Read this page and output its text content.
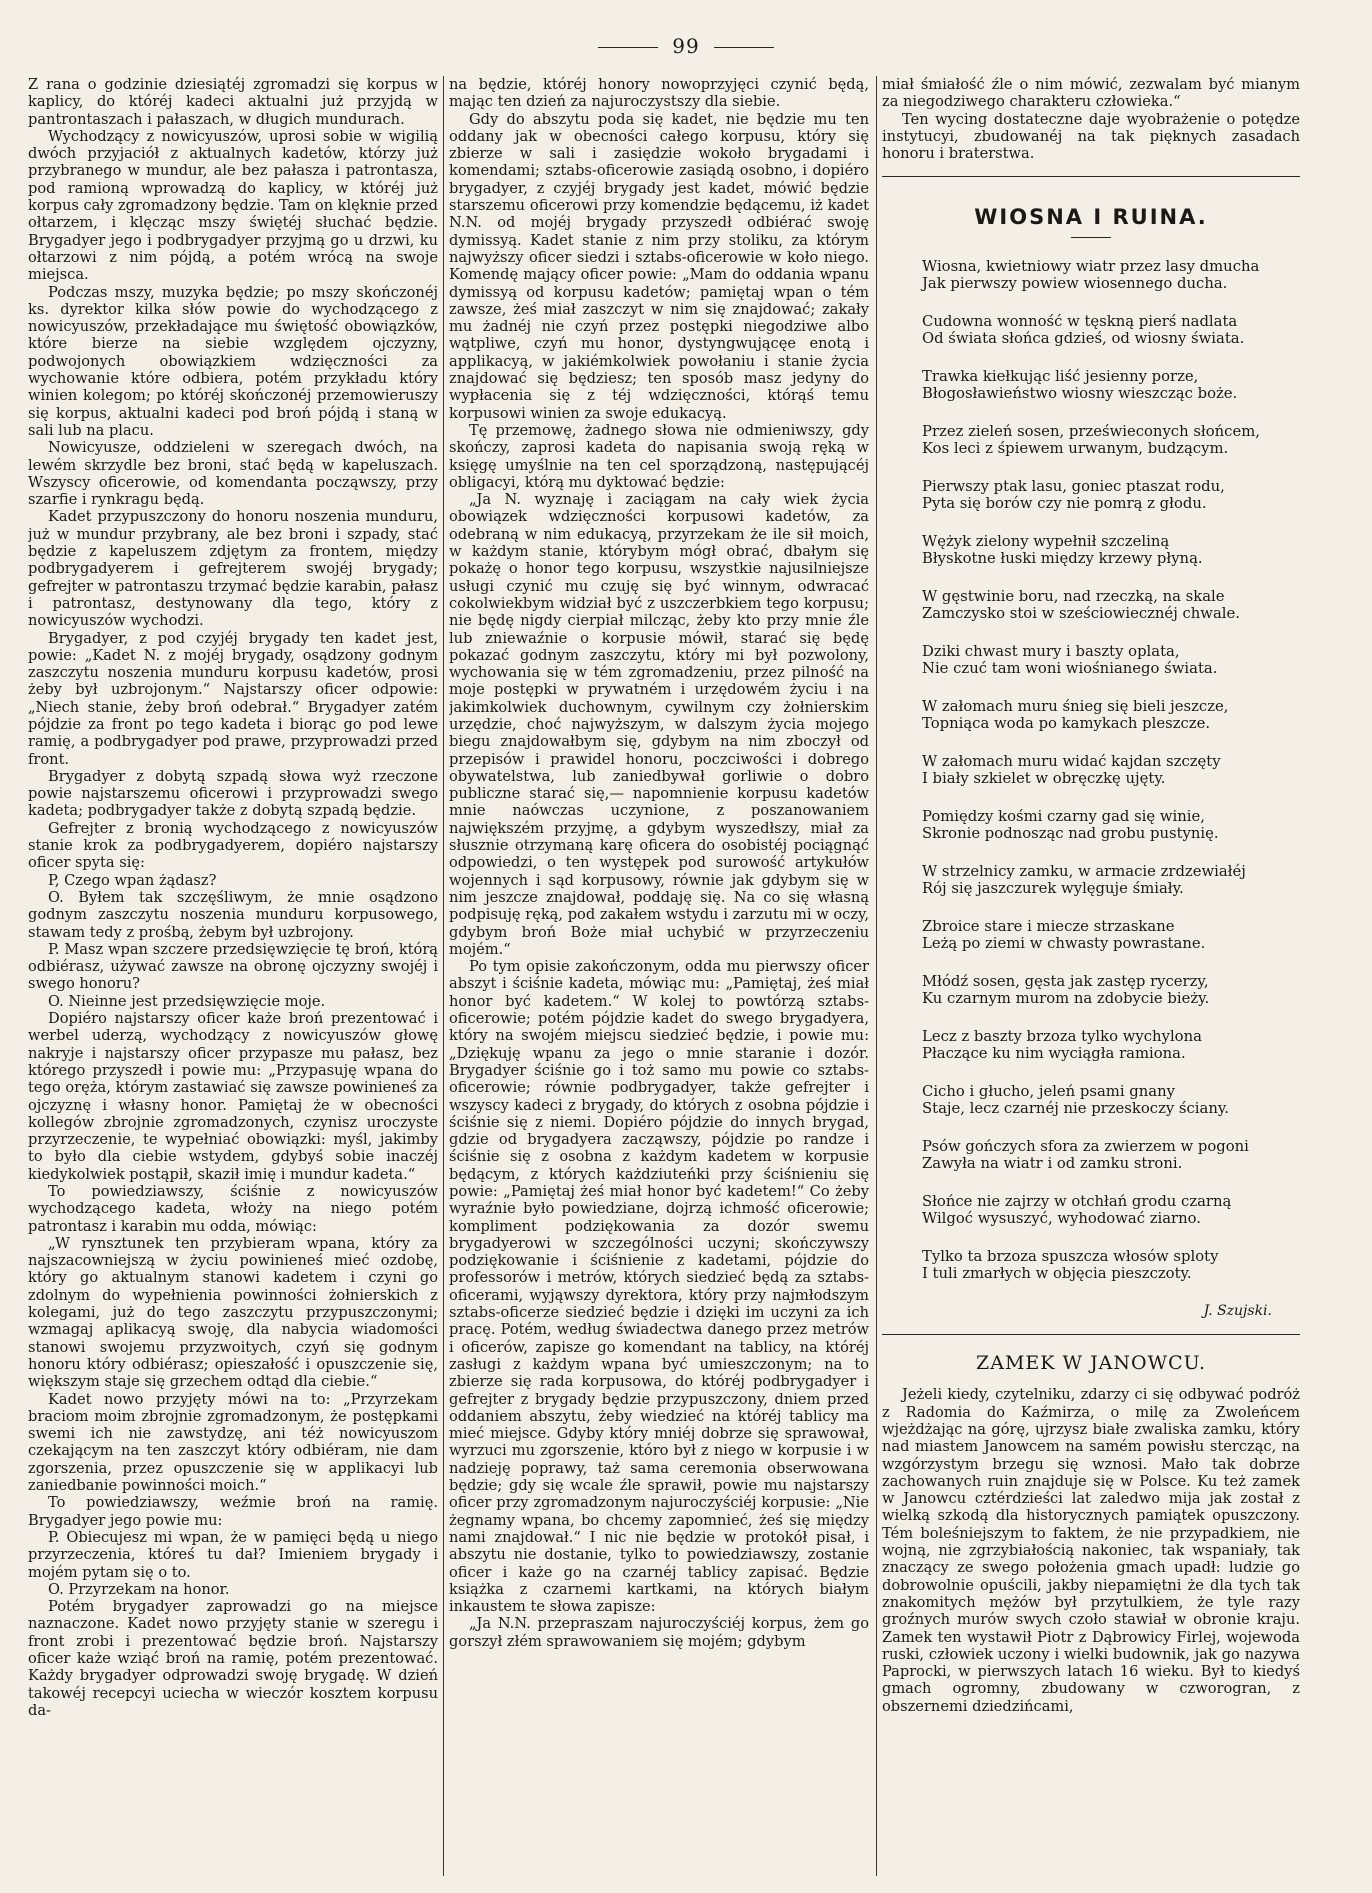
99

Z rana o godzinie dziesiątéj zgromadzi się korpus w kaplicy, do któréj kadeci aktualni już przyjdą w pantrontaszach i pałaszach, w długich mundurach.

Wychodzący z nowicyuszów, uprosi sobie w wigilią dwóch przyjaciół z aktualnych kadetów, którzy już przybranego w mundur, ale bez pałasza i patrontasza, pod ramioną wprowadzą do kaplicy, w któréj już korpus cały zgromadzony będzie. Tam on klęknie przed ołtarzem, i klęcząc mszy świętéj słuchać będzie. Brygadyer jego i podbrygadyer przyjmą go u drzwi, ku ołtarzowi z nim pójdą, a potém wrócą na swoje miejsca.

Podczas mszy, muzyka będzie; po mszy skończonéj ks. dyrektor kilka słów powie do wychodzącego z nowicyuszów, przekładające mu świętość obowiązków, które bierze na siebie względem ojczyzny, podwojonych obowiązkiem wdzięczności za wychowanie które odbiera, potém przykładu który winien kolegom; po któréj skończonéj przemowieruszy się korpus, aktualni kadeci pod broń pójdą i staną w sali lub na placu.

Nowicyusze, oddzieleni w szeregach dwóch, na lewém skrzydle bez broni, stać będą w kapeluszach. Wszyscy oficerowie, od komendanta począwszy, przy szarfie i rynkragu będą.

Kadet przypuszczony do honoru noszenia munduru, już w mundur przybrany, ale bez broni i szpady, stać będzie z kapeluszem zdjętym za frontem, między podbrygadyerem i gefrejterem swojéj brygady; gefrejter w patrontaszu trzymać będzie karabin, pałasz i patrontasz, destynowany dla tego, który z nowicyuszów wychodzi.

Brygadyer, z pod czyjéj brygady ten kadet jest, powie: „Kadet N. z mojéj brygady, osądzony godnym zaszczytu noszenia munduru korpusu kadetów, prosi żeby był uzbrojonym.“ Najstarszy oficer odpowie: „Niech stanie, żeby broń odebrał.“ Brygadyer zatém pójdzie za front po tego kadeta i biorąc go pod lewe ramię, a podbrygadyer pod prawe, przyprowadzi przed front.

Brygadyer z dobytą szpadą słowa wyż rzeczone powie najstarszemu oficerowi i przyprowadzi swego kadeta; podbrygadyer także z dobytą szpadą będzie.

Gefrejter z bronią wychodzącego z nowicyuszów stanie krok za podbrygadyerem, dopiéro najstarszy oficer spyta się:

P, Czego wpan żądasz?

O. Byłem tak szczęśliwym, że mnie osądzono godnym zaszczytu noszenia munduru korpusowego, stawam tedy z prośbą, żebym był uzbrojony.

P. Masz wpan szczere przedsięwzięcie tę broń, którą odbiérasz, używać zawsze na obronę ojczyzny swojéj i swego honoru?

O. Nieinne jest przedsięwzięcie moje.

Dopiéro najstarszy oficer każe broń prezentować i werbel uderzą, wychodzący z nowicyuszów głowę nakryje i najstarszy oficer przypasze mu pałasz, bez którego przyszedł i powie mu: „Przypasuję wpana do tego oręża, którym zastawiać się zawsze powinieneś za ojczyznę i własny honor. Pamiętaj że w obecności kollegów zbrojnie zgromadzonych, czynisz uroczyste przyrzeczenie, te wypełniać obowiązki: myśl, jakimby to było dla ciebie wstydem, gdybyś sobie inaczéj kiedykolwiek postąpił, skaził imię i mundur kadeta.“

To powiedziawszy, ściśnie z nowicyuszów wychodzącego kadeta, włoży na niego potém patrontasz i karabin mu odda, mówiąc:

„W rynsztunek ten przybieram wpana, który za najszacowniejszą w życiu powinieneś mieć ozdobę, który go aktualnym stanowi kadetem i czyni go zdolnym do wypełnienia powinności żołnierskich z kolegami, już do tego zaszczytu przypuszczonymi; wzmagaj aplikacyą swoję, dla nabycia wiadomości stanowi swojemu przyzwoitych, czyń się godnym honoru który odbiérasz; opieszałość i opuszczenie się, większym staje się grzechem odtąd dla ciebie.“

Kadet nowo przyjęty mówi na to: „Przyrzekam braciom moim zbrojnie zgromadzonym, że postępkami swemi ich nie zawstydzę, ani téż nowicyuszom czekającym na ten zaszczyt który odbiéram, nie dam zgorszenia, przez opuszczenie się w applikacyi lub zaniedbanie powinności moich.“

To powiedziawszy, weźmie broń na ramię. Brygadyer jego powie mu:

P. Obiecujesz mi wpan, że w pamięci będą u niego przyrzeczenia, któreś tu dał? Imieniem brygady i mojém pytam się o to.

O. Przyrzekam na honor.

Potém brygadyer zaprowadzi go na miejsce naznaczone. Kadet nowo przyjęty stanie w szeregu i front zrobi i prezentować będzie broń. Najstarszy oficer każe wziąć broń na ramię, potém prezentować. Każdy brygadyer odprowadzi swoję brygadę. W dzień takowéj recepcyi uciecha w wieczór kosztem korpusu da-

na będzie, któréj honory nowoprzyjęci czynić będą, mając ten dzień za najuroczystszy dla siebie.

Gdy do abszytu poda się kadet, nie będzie mu ten oddany jak w obecności całego korpusu, który się zbierze w sali i zasiędzie wokoło brygadami i komendami; sztabs-oficerowie zasiądą osobno, i dopiéro brygadyer, z czyjéj brygady jest kadet, mówić będzie starszemu oficerowi przy komendzie będącemu, iż kadet N.N. od mojéj brygady przyszedł odbiérać swoję dymissyą. Kadet stanie z nim przy stoliku, za którym najwyższy oficer siedzi i sztabs-oficerowie w koło niego. Komendę mający oficer powie: „Mam do oddania wpanu dymissyą od korpusu kadetów; pamiętaj wpan o tém zawsze, żeś miał zaszczyt w nim się znajdować; zakały mu żadnéj nie czyń przez postępki niegodziwe albo wątpliwe, czyń mu honor, dystyngwującęe enotą i applikacyą, w jakiémkolwiek powołaniu i stanie życia znajdować się będziesz; ten sposób masz jedyny do wypłacenia się z téj wdzięczności, którąś temu korpusowi winien za swoje edukacyą.

Tę przemowę, żadnego słowa nie odmieniwszy, gdy skończy, zaprosi kadeta do napisania swoją ręką w księgę umyślnie na ten cel sporządzoną, następującéj obligacyi, którą mu dyktować będzie:

„Ja N. wyznaję i zaciągam na cały wiek życia obowiązek wdzięczności korpusowi kadetów, za odebraną w nim edukacyą, przyrzekam że ile sił moich, w każdym stanie, którybym mógł obrać, dbałym się pokażę o honor tego korpusu, wszystkie najusilniejsze usługi czynić mu czuję się być winnym, odwracać cokolwiekbym widział być z uszczerbkiem tego korpusu; nie będę nigdy cierpiał milcząc, żeby kto przy mnie źle lub zniewaźnie o korpusie mówił, starać się będę pokazać godnym zaszczytu, który mi był pozwolony, wychowania się w tém zgromadzeniu, przez pilność na moje postępki w prywatném i urzędowém życiu i na jakimkolwiek duchownym, cywilnym czy żołnierskim urzędzie, choć najwyższym, w dalszym życia mojego biegu znajdowałbym się, gdybym na nim zboczył od przepisów i prawidel honoru, poczciwości i dobrego obywatelstwa, lub zaniedbywał gorliwie o dobro publiczne starać się,— napomnienie korpusu kadetów mnie naówczas uczynione, z poszanowaniem największém przyjmę, a gdybym wyszedłszy, miał za słusznie otrzymaną karę oficera do osobistéj pociągnąć odpowiedzi, o ten występek pod surowość artykułów wojennych i sąd korpusowy, równie jak gdybym się w nim jeszcze znajdował, poddaję się. Na co się własną podpisuję ręką, pod zakałem wstydu i zarzutu mi w oczy, gdybym broń Boże miał uchybić w przyrzeczeniu mojém.“

Po tym opisie zakończonym, odda mu pierwszy oficer abszyt i ściśnie kadeta, mówiąc mu: „Pamiętaj, żeś miał honor być kadetem.“ W kolej to powtórzą sztabs-oficerowie; potém pójdzie kadet do swego brygadyera, który na swojém miejscu siedzieć będzie, i powie mu: „Dziękuję wpanu za jego o mnie staranie i dozór. Brygadyer ściśnie go i toż samo mu powie co sztabs-oficerowie; równie podbrygadyer, także gefrejter i wszyscy kadeci z brygady, do których z osobna pójdzie i ściśnie się z niemi. Dopiéro pójdzie do innych brygad, gdzie od brygadyera zacząwszy, pójdzie po randze i ściśnie się z osobna z każdym kadetem w korpusie będącym, z których każdziuteńki przy ściśnieniu się powie: „Pamiętaj żeś miał honor być kadetem!“ Co żeby wyraźnie było powiedziane, dojrzą ichmość oficerowie; kompliment podziękowania za dozór swemu brygadyerowi w szczególności uczyni; skończywszy podziękowanie i ściśnienie z kadetami, pójdzie do professorów i metrów, których siedzieć będą za sztabs-oficerami, wyjąwszy dyrektora, który przy najmłodszym sztabs-oficerze siedzieć będzie i dzięki im uczyni za ich pracę. Potém, według świadectwa danego przez metrów i oficerów, zapisze go komendant na tablicy, na któréj zasługi z każdym wpana być umieszczonym; na to zbierze się rada korpusowa, do któréj podbrygadyer i gefrejter z brygady będzie przypuszczony, dniem przed oddaniem abszytu, żeby wiedzieć na któréj tablicy ma mieć miejsce. Gdyby który mniéj dobrze się sprawował, wyrzuci mu zgorszenie, któro był z niego w korpusie i w nadzieję poprawy, taż sama ceremonia obserwowana będzie; gdy się wcale źle sprawił, powie mu najstarszy oficer przy zgromadzonym najuroczyściéj korpusie: „Nie żegnamy wpana, bo chcemy zapomnieć, żeś się między nami znajdował.“ I nic nie będzie w protokół pisał, i abszytu nie dostanie, tylko to powiedziawszy, zostanie oficer i każe go na czarnéj tablicy zapisać. Będzie książka z czarnemi kartkami, na których białym inkaustem te słowa zapisze:

„Ja N.N. przepraszam najuroczyściéj korpus, żem go gorszył złém sprawowaniem się mojém; gdybym

miał śmiałość źle o nim mówić, zezwalam być mianym za niegodziwego charakteru człowieka.“

Ten wycing dostateczne daje wyobrażenie o potędze instytucyi, zbudowanéj na tak pięknych zasadach honoru i braterstwa.

WIOSNA I RUINA.
Wiosna, kwietniowy wiatr przez lasy dmucha
Jak pierwszy powiew wiosennego ducha.
Cudowna wonność w tęskną pierś nadlata
Od świata słońca gdzieś, od wiosny świata.
Trawka kiełkując liść jesienny porze,
Błogosławieństwo wiosny wieszcząc boże.
Przez zieleń sosen, prześwieconych słońcem,
Kos leci z śpiewem urwanym, budzącym.
Pierwszy ptak lasu, goniec ptaszat rodu,
Pyta się borów czy nie pomrą z głodu.
Wężyk zielony wypełnił szczeliną
Błyskotne łuski między krzewy płyną.
W gęstwinie boru, nad rzeczką, na skale
Zamczysko stoi w sześciowiecznéj chwale.
Dziki chwast mury i baszty oplata,
Nie czuć tam woni wiośnianego świata.
W załomach muru śnieg się bieli jeszcze,
Topniąca woda po kamykach pleszcze.
W załomach muru widać kajdan szczęty
I biały szkielet w obręczkę ujęty.
Pomiędzy kośmi czarny gad się winie,
Skronie podnosząc nad grobu pustynię.
W strzelnicy zamku, w armacie zrdzewiałéj
Rój się jaszczurek wylęguje śmiały.
Zbroice stare i miecze strzaskane
Leżą po ziemi w chwasty powrastane.
Młódź sosen, gęsta jak zastęp rycerzy,
Ku czarnym murom na zdobycie bieży.
Lecz z baszty brzoza tylko wychylona
Płaczące ku nim wyciągła ramiona.
Cicho i głucho, jeleń psami gnany
Staje, lecz czarnéj nie przeskoczy ściany.
Psów gończych sfora za zwierzem w pogoni
Zawyła na wiatr i od zamku stroni.
Słońce nie zajrzy w otchłań grodu czarną
Wilgoć wysuszyć, wyhodować ziarno.
Tylko ta brzoza spuszcza włosów sploty
I tuli zmarłych w objęcia pieszczoty.
J. Szujski.
ZAMEK W JANOWCU.

Jeżeli kiedy, czytelniku, zdarzy ci się odbywać podróż z Radomia do Kaźmirza, o milę za Zwoleńcem wjeżdżając na górę, ujrzysz białe zwaliska zamku, który nad miastem Janowcem na samém powisłu stercząc, na wzgórzystym brzegu się wznosi. Mało tak dobrze zachowanych ruin znajduje się w Polsce. Ku też zamek w Janowcu cztérdzieści lat zaledwo mija jak został z wielką szkodą dla historycznych pamiątek opuszczony. Tém boleśniejszym to faktem, że nie przypadkiem, nie wojną, nie zgrzybiałością nakoniec, tak wspaniały, tak znaczący ze swego położenia gmach upadł: ludzie go dobrowolnie opuścili, jakby niepamiętni że dla tych tak znakomitych mężów był przytulkiem, że tyle razy groźnych murów swych czoło stawiał w obronie kraju. Zamek ten wystawił Piotr z Dąbrowicy Firlej, wojewoda ruski, człowiek uczony i wielki budownik, jak go nazywa Paprocki, w pierwszych latach 16 wieku. Był to kiedyś gmach ogromny, zbudowany w czworogran, z obszernemi dziedzińcami,
